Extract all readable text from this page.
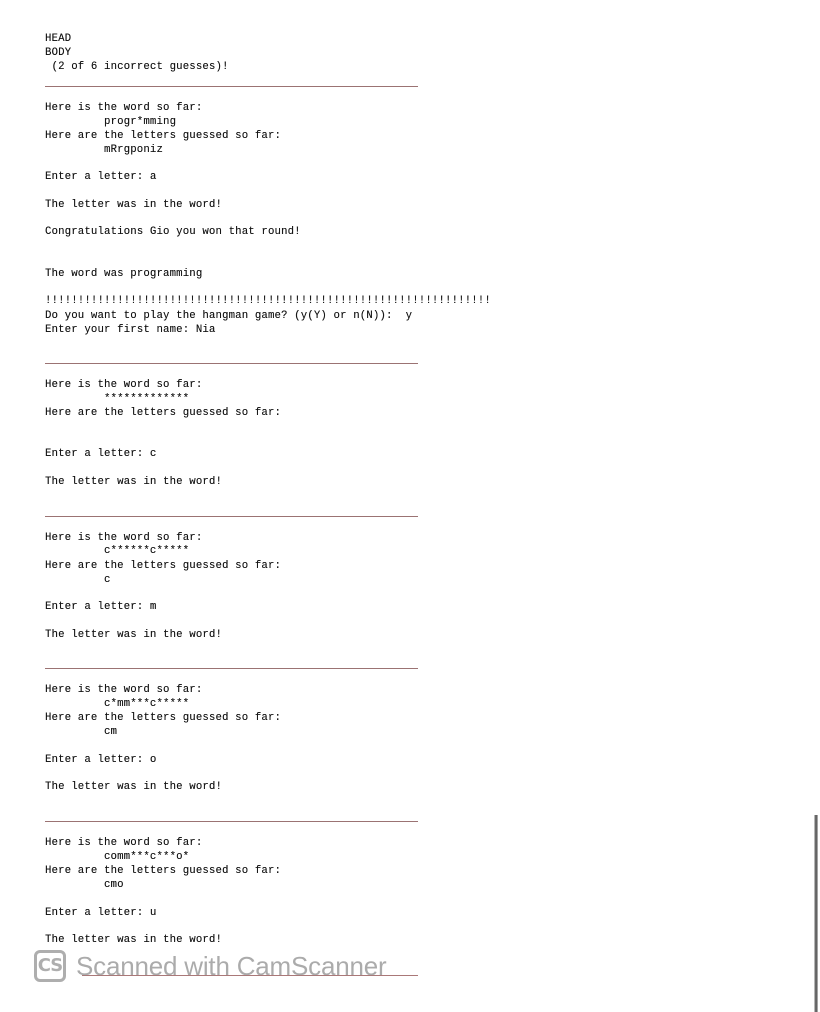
HEAD
BODY
(2 of 6 incorrect guesses)!
Here is the word so far:
progr*mming
Here are the letters guessed so far:
mRrgponiz
Enter a letter: a
The letter was in the word!
Congratulations Gio you won that round!
The word was programming
!!!!!!!!!!!!!!!!!!!!!!!!!!!!!!!!!!!!!!!!!!!!!!!!!!!!!!!!!!!!!!!!!!!!
Do you want to play the hangman game? (y(Y) or n(N)):  y
Enter your first name: Nia
Here is the word so far:
*************
Here are the letters guessed so far:
Enter a letter: c
The letter was in the word!
Here is the word so far:
c******c*****
Here are the letters guessed so far:
c
Enter a letter: m
The letter was in the word!
Here is the word so far:
c*mm***c*****
Here are the letters guessed so far:
cm
Enter a letter: o
The letter was in the word!
Here is the word so far:
comm***c***o*
Here are the letters guessed so far:
cmo
Enter a letter: u
The letter was in the word!
CS Scanned with CamScanner
